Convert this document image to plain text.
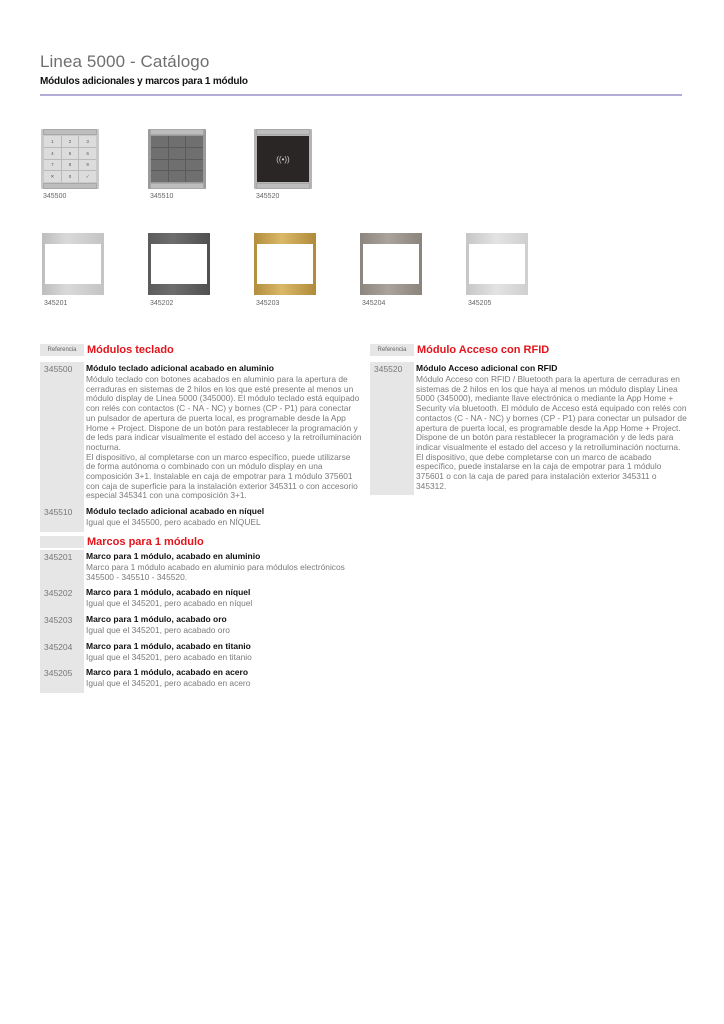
Linea 5000 - Catálogo
Módulos adicionales y marcos para 1 módulo
1	2	3
4	5	6
7	8	9
✕	0	✓
345500	345510
((•))
345520
345201	345202	345203	345204	345205
Referencia Módulos teclado
345500	Módulo teclado adicional acabado en aluminio
Módulo teclado con botones acabados en aluminio para la apertura de cerraduras en sistemas de 2 hilos en los que esté presente al menos un módulo display de Linea 5000 (345000). El módulo teclado está equipado con relés con contactos (C - NA - NC) y bornes (CP - P1) para conectar un pulsador de apertura de puerta local, es programable desde la App Home + Project. Dispone de un botón para restablecer la programación y de leds para indicar visualmente el estado del acceso y la retroiluminación nocturna.
El dispositivo, al completarse con un marco específico, puede utilizarse de forma autónoma o combinado con un módulo display en una composición 3+1. Instalable en caja de empotrar para 1 módulo 375601 con caja de superficie para la instalación exterior 345311 o con accesorio especial 345341 con una composición 3+1.
345510	Módulo teclado adicional acabado en níquel
Igual que el 345500, pero acabado en NÍQUEL
Marcos para 1 módulo
345201	Marco para 1 módulo, acabado en aluminio
Marco para 1 módulo acabado en aluminio para módulos electrónicos 345500 - 345510 - 345520.
345202	Marco para 1 módulo, acabado en níquel
Igual que el 345201, pero acabado en níquel
345203	Marco para 1 módulo, acabado oro
Igual que el 345201, pero acabado oro
345204	Marco para 1 módulo, acabado en titanio
Igual que el 345201, pero acabado en titanio
345205	Marco para 1 módulo, acabado en acero
Igual que el 345201, pero acabado en acero
Referencia Módulo Acceso con RFID
345520	Módulo Acceso adicional con RFID
Módulo Acceso con RFID / Bluetooth para la apertura de cerraduras en sistemas de 2 hilos en los que haya al menos un módulo display Linea 5000 (345000), mediante llave electrónica o mediante la App Home + Security vía bluetooth. El módulo de Acceso está equipado con relés con contactos (C - NA - NC) y bornes (CP - P1) para conectar un pulsador de apertura de puerta local, es programable desde la App Home + Project. Dispone de un botón para restablecer la programación y de leds para indicar visualmente el estado del acceso y la retroiluminación nocturna. El dispositivo, que debe completarse con un marco de acabado específico, puede instalarse en la caja de empotrar para 1 módulo 375601 o con la caja de pared para instalación exterior 345311 o 345312.
